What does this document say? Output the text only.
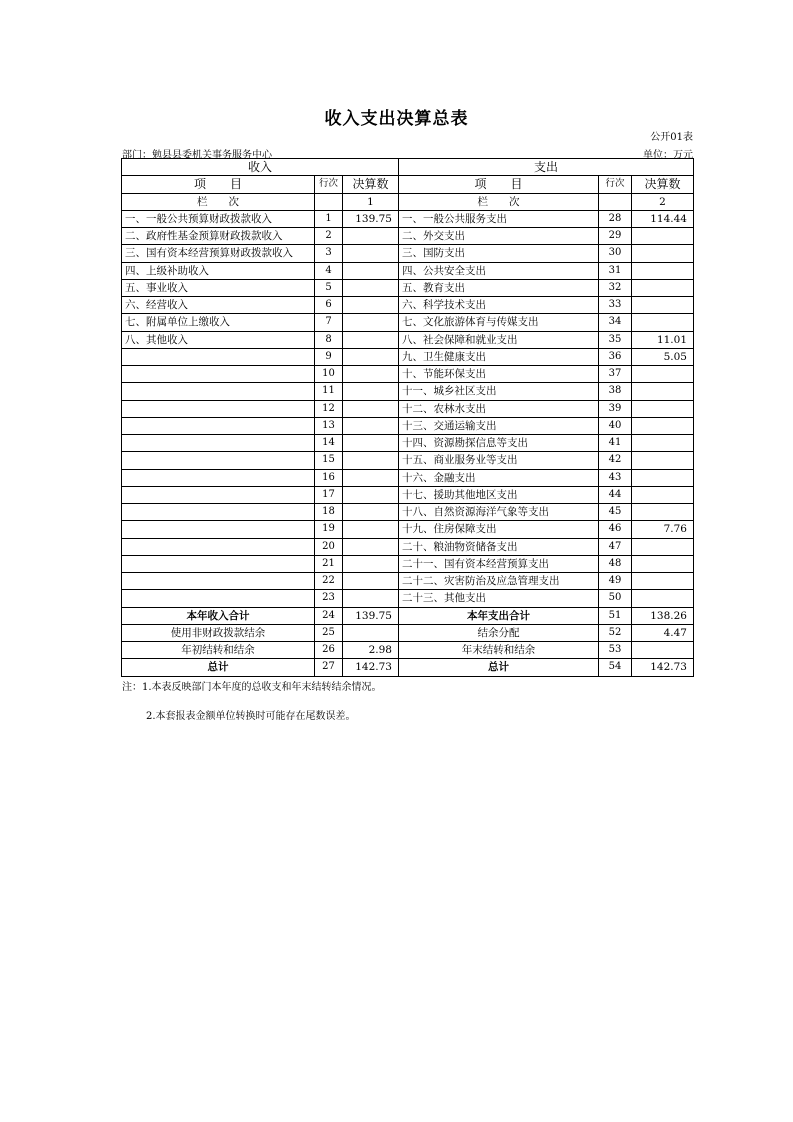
收入支出决算总表
公开01表
部门：勉县县委机关事务服务中心	单位：万元
收入			支出		
项　　目	行次	决算数	项　　目	行次	决算数
栏　　次		1	栏　　次		2
一、一般公共预算财政拨款收入	1	139.75	一、一般公共服务支出	28	114.44
二、政府性基金预算财政拨款收入	2		二、外交支出	29	
三、国有资本经营预算财政拨款收入	3		三、国防支出	30	
四、上级补助收入	4		四、公共安全支出	31	
五、事业收入	5		五、教育支出	32	
六、经营收入	6		六、科学技术支出	33	
七、附属单位上缴收入	7		七、文化旅游体育与传媒支出	34	
八、其他收入	8		八、社会保障和就业支出	35	11.01
	9		九、卫生健康支出	36	5.05
	10		十、节能环保支出	37	
	11		十一、城乡社区支出	38	
	12		十二、农林水支出	39	
	13		十三、交通运输支出	40	
	14		十四、资源勘探信息等支出	41	
	15		十五、商业服务业等支出	42	
	16		十六、金融支出	43	
	17		十七、援助其他地区支出	44	
	18		十八、自然资源海洋气象等支出	45	
	19		十九、住房保障支出	46	7.76
	20		二十、粮油物资储备支出	47	
	21		二十一、国有资本经营预算支出	48	
	22		二十二、灾害防治及应急管理支出	49	
	23		二十三、其他支出	50	
本年收入合计	24	139.75	本年支出合计	51	138.26
使用非财政拨款结余	25		结余分配	52	4.47
年初结转和结余	26	2.98	年末结转和结余	53	
总计	27	142.73	总计	54	142.73
注：1.本表反映部门本年度的总收支和年末结转结余情况。
2.本套报表金额单位转换时可能存在尾数误差。
